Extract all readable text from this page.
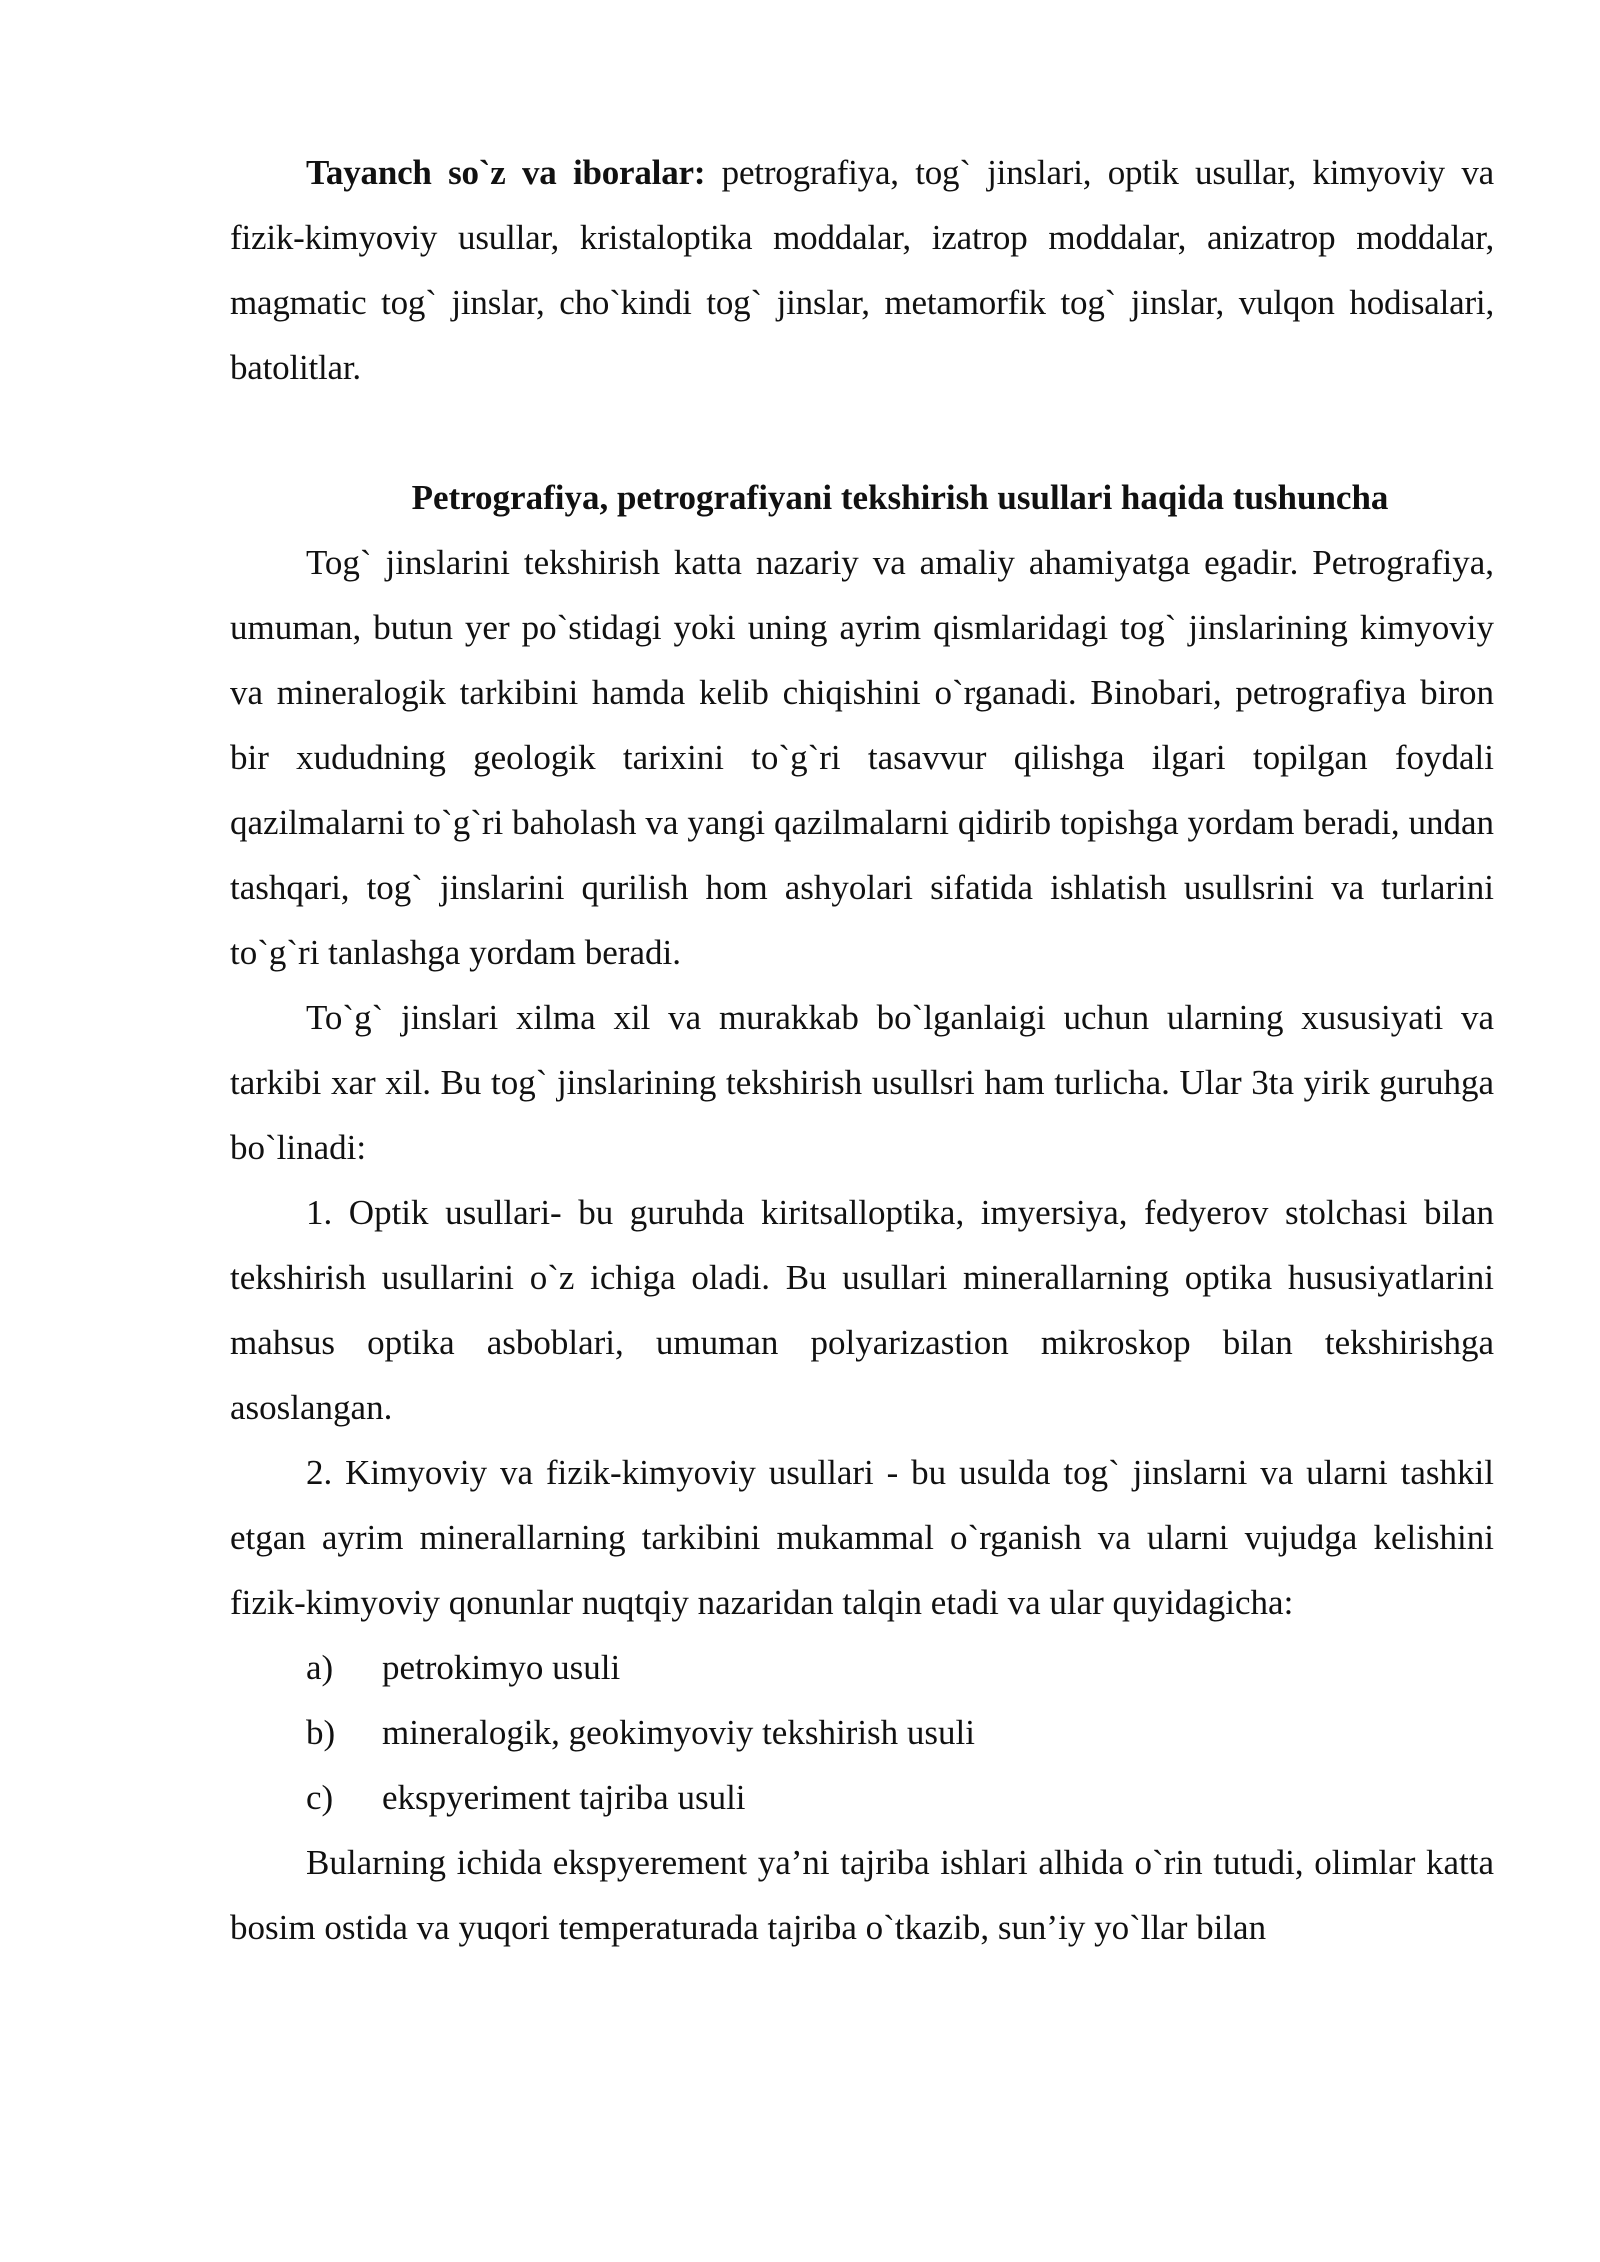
Tayanch so`z va iboralar: petrografiya, tog` jinslari, optik usullar, kimyoviy va fizik-kimyoviy usullar, kristaloptika moddalar, izatrop moddalar, anizatrop moddalar, magmatic tog` jinslar, cho`kindi tog` jinslar, metamorfik tog` jinslar, vulqon hodisalari, batolitlar.

Petrografiya, petrografiyani tekshirish usullari haqida tushuncha

Tog` jinslarini tekshirish katta nazariy va amaliy ahamiyatga egadir. Petrografiya, umuman, butun yer po`stidagi yoki uning ayrim qismlaridagi tog` jinslarining kimyoviy va mineralogik tarkibini hamda kelib chiqishini o`rganadi. Binobari, petrografiya biron bir xududning geologik tarixini to`g`ri tasavvur qilishga ilgari topilgan foydali qazilmalarni to`g`ri baholash va yangi qazilmalarni qidirib topishga yordam beradi, undan tashqari, tog` jinslarini qurilish hom ashyolari sifatida ishlatish usullsrini va turlarini to`g`ri tanlashga yordam beradi.

To`g` jinslari xilma xil va murakkab bo`lganlaigi uchun ularning xususiyati va tarkibi xar xil. Bu tog` jinslarining tekshirish usullsri ham turlicha. Ular 3ta yirik guruhga bo`linadi:

1. Optik usullari- bu guruhda kiritsalloptika, imyersiya, fedyerov stolchasi bilan tekshirish usullarini o`z ichiga oladi. Bu usullari minerallarning optika hususiyatlarini mahsus optika asboblari, umuman polyarizastion mikroskop bilan tekshirishga asoslangan.

2. Kimyoviy va fizik-kimyoviy usullari - bu usulda tog` jinslarni va ularni tashkil etgan ayrim minerallarning tarkibini mukammal o`rganish va ularni vujudga kelishini fizik-kimyoviy qonunlar nuqtqiy nazaridan talqin etadi va ular quyidagicha:

a)	petrokimyo usuli
b)	mineralogik, geokimyoviy tekshirish usuli
c)	ekspyeriment tajriba usuli

Bularning ichida ekspyerement ya’ni tajriba ishlari alhida o`rin tutudi, olimlar katta bosim ostida va yuqori temperaturada tajriba o`tkazib, sun’iy yo`llar bilan
